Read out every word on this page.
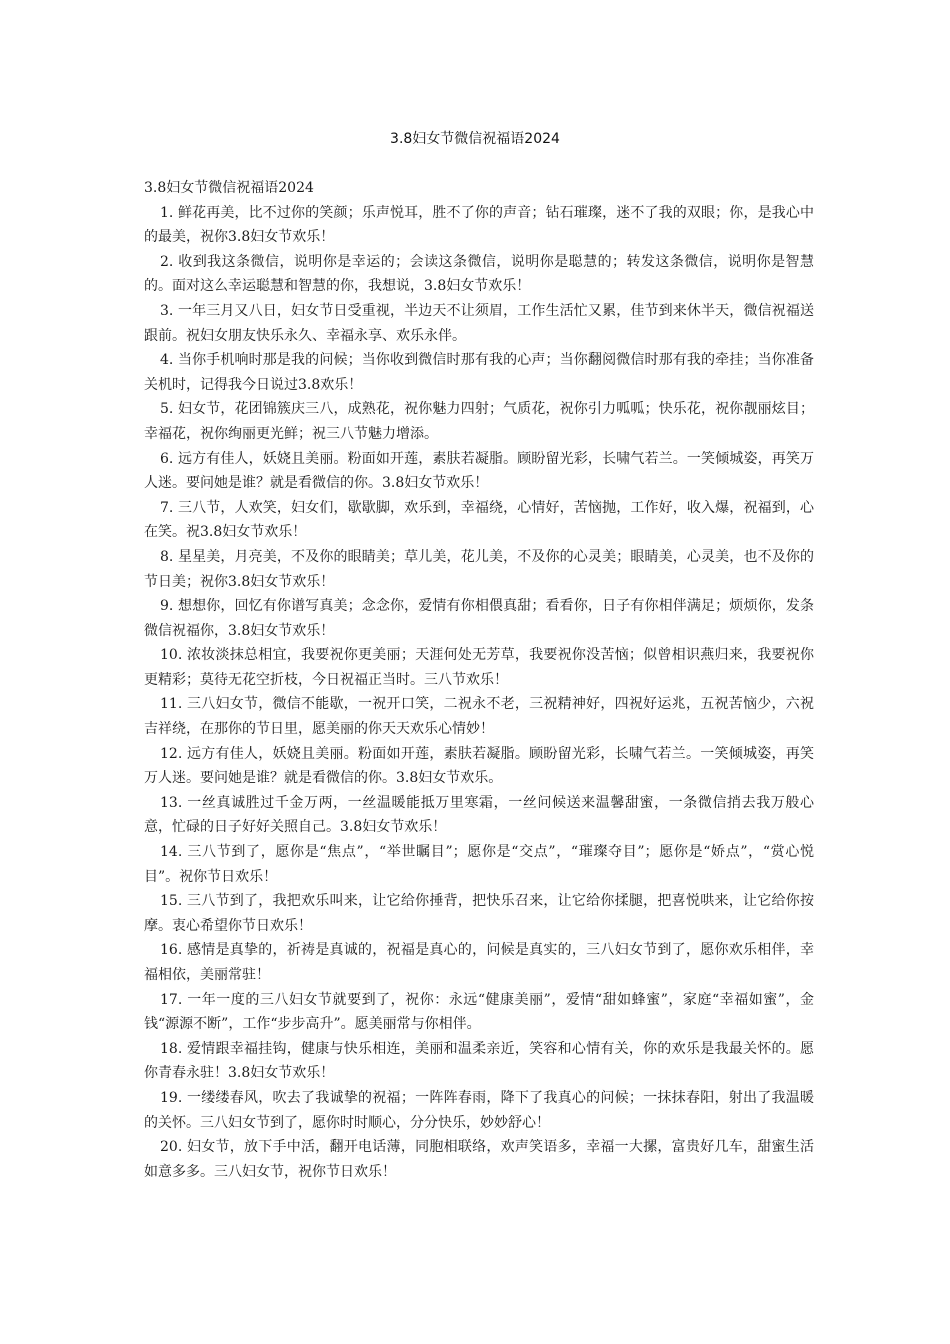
3.8妇女节微信祝福语2024

3.8妇女节微信祝福语2024

1. 鲜花再美，比不过你的笑颜；乐声悦耳，胜不了你的声音；钻石璀璨，迷不了我的双眼；你，是我心中的最美，祝你3.8妇女节欢乐！

2. 收到我这条微信，说明你是幸运的；会读这条微信，说明你是聪慧的；转发这条微信，说明你是智慧的。面对这么幸运聪慧和智慧的你，我想说，3.8妇女节欢乐！

3. 一年三月又八日，妇女节日受重视，半边天不让须眉，工作生活忙又累，佳节到来休半天，微信祝福送跟前。祝妇女朋友快乐永久、幸福永享、欢乐永伴。

4. 当你手机响时那是我的问候；当你收到微信时那有我的心声；当你翻阅微信时那有我的牵挂；当你准备关机时，记得我今日说过3.8欢乐！

5. 妇女节，花团锦簇庆三八，成熟花，祝你魅力四射；气质花，祝你引力呱呱；快乐花，祝你靓丽炫目；幸福花，祝你绚丽更光鲜；祝三八节魅力增添。

6. 远方有佳人，妖娆且美丽。粉面如开莲，素肤若凝脂。顾盼留光彩，长啸气若兰。一笑倾城姿，再笑万人迷。要问她是谁？就是看微信的你。3.8妇女节欢乐！

7. 三八节，人欢笑，妇女们，歇歇脚，欢乐到，幸福绕，心情好，苦恼抛，工作好，收入爆，祝福到，心在笑。祝3.8妇女节欢乐！

8. 星星美，月亮美，不及你的眼睛美；草儿美，花儿美，不及你的心灵美；眼睛美，心灵美，也不及你的节日美；祝你3.8妇女节欢乐！

9. 想想你，回忆有你谱写真美；念念你，爱情有你相偎真甜；看看你，日子有你相伴满足；烦烦你，发条微信祝福你，3.8妇女节欢乐！

10. 浓妆淡抹总相宜，我要祝你更美丽；天涯何处无芳草，我要祝你没苦恼；似曾相识燕归来，我要祝你更精彩；莫待无花空折枝，今日祝福正当时。三八节欢乐！

11. 三八妇女节，微信不能歇，一祝开口笑，二祝永不老，三祝精神好，四祝好运兆，五祝苦恼少，六祝吉祥绕，在那你的节日里，愿美丽的你天天欢乐心情妙！

12. 远方有佳人，妖娆且美丽。粉面如开莲，素肤若凝脂。顾盼留光彩，长啸气若兰。一笑倾城姿，再笑万人迷。要问她是谁？就是看微信的你。3.8妇女节欢乐。

13. 一丝真诚胜过千金万两，一丝温暖能抵万里寒霜，一丝问候送来温馨甜蜜，一条微信捎去我万般心意，忙碌的日子好好关照自己。3.8妇女节欢乐！

14. 三八节到了，愿你是“焦点”，“举世瞩目”；愿你是“交点”，“璀璨夺目”；愿你是“娇点”，“赏心悦目”。祝你节日欢乐！

15. 三八节到了，我把欢乐叫来，让它给你捶背，把快乐召来，让它给你揉腿，把喜悦哄来，让它给你按摩。衷心希望你节日欢乐！

16. 感情是真挚的，祈祷是真诚的，祝福是真心的，问候是真实的，三八妇女节到了，愿你欢乐相伴，幸福相依，美丽常驻！

17. 一年一度的三八妇女节就要到了，祝你：永远“健康美丽”，爱情“甜如蜂蜜”，家庭“幸福如蜜”，金钱“源源不断”，工作“步步高升”。愿美丽常与你相伴。

18. 爱情跟幸福挂钩，健康与快乐相连，美丽和温柔亲近，笑容和心情有关，你的欢乐是我最关怀的。愿你青春永驻！3.8妇女节欢乐！

19. 一缕缕春风，吹去了我诚挚的祝福；一阵阵春雨，降下了我真心的问候；一抹抹春阳，射出了我温暖的关怀。三八妇女节到了，愿你时时顺心，分分快乐，妙妙舒心！

20. 妇女节，放下手中活，翻开电话薄，同胞相联络，欢声笑语多，幸福一大摞，富贵好几车，甜蜜生活如意多多。三八妇女节，祝你节日欢乐！
